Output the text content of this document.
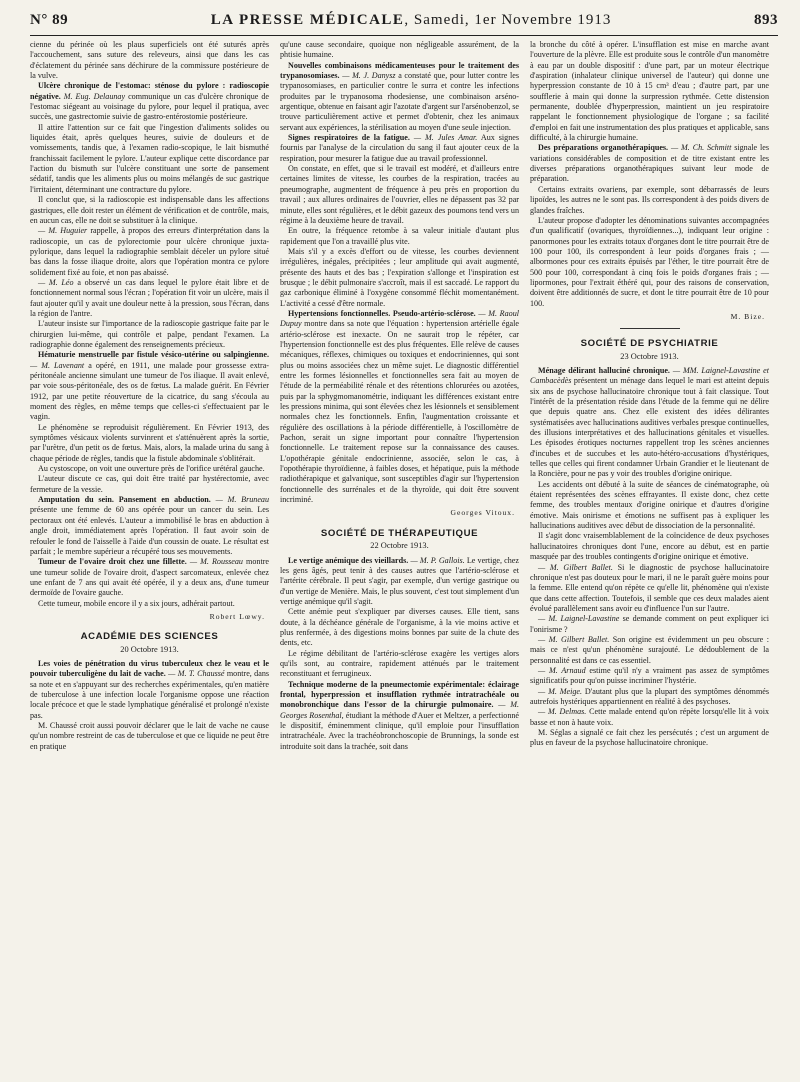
N° 89	LA PRESSE MÉDICALE, Samedi, 1er Novembre 1913	893

cienne du périnée où les plaus superficiels ont été suturés après l'accouchement, sans suture des releveurs, ainsi que dans les cas d'éclatement du périnée sans déchirure de la commissure postérieure de la vulve.

Ulcère chronique de l'estomac: sténose du pylore : radioscopie négative. M. Eug. Delaunay communique un cas d'ulcère chronique de l'estomac siégeant au voisinage du pylore, pour lequel il pratiqua, avec succès, une gastrectomie suivie de gastro-entérostomie postérieure.

Il attire l'attention sur ce fait que l'ingestion d'aliments solides ou liquides était, après quelques heures, suivie de douleurs et de vomissements, tandis que, à l'examen radio-scopique, le lait bismuthé franchissait facilement le pylore. L'auteur explique cette discordance par l'action du bismuth sur l'ulcère constituant une sorte de pansement sédatif, tandis que les aliments plus ou moins mélangés de suc gastrique l'irritaient, déterminant une contracture du pylore.

Il conclut que, si la radioscopie est indispensable dans les affections gastriques, elle doit rester un élément de vérification et de contrôle, mais, en aucun cas, elle ne doit se substituer à la clinique.

— M. Huguier rappelle, à propos des erreurs d'interprétation dans la radioscopie, un cas de pylorectomie pour ulcère chronique juxta-pylorique, dans lequel la radiographie semblait déceler un pylore situé bas dans la fosse iliaque droite, alors que l'opération montra ce pylore solidement fixé au foie, et non pas abaissé.

— M. Léo a observé un cas dans lequel le pylore était libre et de fonctionnement normal sous l'écran ; l'opération fit voir un ulcère, mais il faut ajouter qu'il y avait une douleur nette à la pression, sous l'écran, dans la région de l'antre.

L'auteur insiste sur l'importance de la radioscopie gastrique faite par le chirurgien lui-même, qui contrôle et palpe, pendant l'examen. La radiographie donne également des renseignements précieux.

Hématurie menstruelle par fistule vésico-utérine ou salpingienne. — M. Lavenant a opéré, en 1911, une malade pour grossesse extra-péritonéale ancienne simulant une tumeur de l'os iliaque. Il avait enlevé, par voie sous-péritonéale, des os de fœtus. La malade guérit. En Février 1912, par une petite réouverture de la cicatrice, du sang s'écoula au moment des règles, en même temps que celles-ci s'effectuaient par le vagin.

Le phénomène se reproduisit régulièrement. En Février 1913, des symptômes vésicaux violents survinrent et s'atténuèrent après la sortie, par l'urètre, d'un petit os de fœtus. Mais, alors, la malade urina du sang à chaque période de règles, tandis que la fistule abdominale s'oblitérait.

Au cystoscope, on voit une ouverture près de l'orifice urétéral gauche.

L'auteur discute ce cas, qui doit être traité par hystérectomie, avec fermeture de la vessie.

Amputation du sein. Pansement en abduction. — M. Bruneau présente une femme de 60 ans opérée pour un cancer du sein. Les pectoraux ont été enlevés. L'auteur a immobilisé le bras en abduction à angle droit, immédiatement après l'opération. Il faut avoir soin de refouler le fond de l'aisselle à l'aide d'un coussin de ouate. Le résultat est parfait ; le membre supérieur a récupéré tous ses mouvements.

Tumeur de l'ovaire droit chez une fillette. — M. Rousseau montre une tumeur solide de l'ovaire droit, d'aspect sarcomateux, enlevée chez une enfant de 7 ans qui avait été opérée, il y a deux ans, d'une tumeur dermoïde de l'ovaire gauche.

Cette tumeur, mobile encore il y a six jours, adhérait partout.

Robert Lœwy.
ACADÉMIE DES SCIENCES
20 Octobre 1913.

Les voies de pénétration du virus tuberculeux chez le veau et le pouvoir tuberculigène du lait de vache. — M. T. Chaussé montre, dans sa note et en s'appuyant sur des recherches expérimentales, qu'en matière de tuberculose à une infection locale l'organisme oppose une réaction locale précoce et que le stade lymphatique généralisé et prolongé n'existe pas.

M. Chaussé croit aussi pouvoir déclarer que le lait de vache ne cause qu'un nombre restreint de cas de tuberculose et que ce liquide ne peut être en pratique

qu'une cause secondaire, quoique non négligeable assurément, de la phtisie humaine.

Nouvelles combinaisons médicamenteuses pour le traitement des trypanosomiases. — M. J. Danysz a constaté que, pour lutter contre les trypanosomiases, en particulier contre le surra et contre les infections produites par le trypanosoma rhodesiense, une combinaison arséno-argentique, obtenue en faisant agir l'azotate d'argent sur l'arsénobenzol, se trouve particulièrement active et permet d'obtenir, chez les animaux servant aux expériences, la stérilisation au moyen d'une seule injection.

Signes respiratoires de la fatigue. — M. Jules Amar. Aux signes fournis par l'analyse de la circulation du sang il faut ajouter ceux de la respiration, pour mesurer la fatigue due au travail professionnel.

On constate, en effet, que si le travail est modéré, et d'ailleurs entre certaines limites de vitesse, les courbes de la respiration, tracées au pneumographe, augmentent de fréquence à peu près en proportion du travail ; aux allures ordinaires de l'ouvrier, elles ne dépassent pas 32 par minute, elles sont régulières, et le débit gazeux des poumons tend vers un régime à la deuxième heure de travail.

En outre, la fréquence retombe à sa valeur initiale d'autant plus rapidement que l'on a travaillé plus vite.

Mais s'il y a excès d'effort ou de vitesse, les courbes deviennent irrégulières, inégales, précipitées ; leur amplitude qui avait augmenté, présente des hauts et des bas ; l'expiration s'allonge et l'inspiration est brusque ; le débit pulmonaire s'accroît, mais il est saccadé. Le rapport du gaz carbonique éliminé à l'oxygène consommé fléchit momentanément. L'activité a cessé d'être normale.

Hypertensions fonctionnelles. Pseudo-artério-sclérose. — M. Raoul Dupuy montre dans sa note que l'équation : hypertension artérielle égale artério-sclérose est inexacte. On ne saurait trop le répéter, car l'hypertension fonctionnelle est des plus fréquentes. Elle relève de causes mécaniques, réflexes, chimiques ou toxiques et endocriniennes, qui sont plus ou moins associées chez un même sujet. Le diagnostic différentiel entre les formes lésionnelles et fonctionnelles sera fait au moyen de l'étude de la perméabilité rénale et des rétentions chlorurées ou azotées, puis par la sphygmomanométrie, indiquant les différences existant entre les pressions minima, qui sont élevées chez les lésionnels et sensiblement normales chez les fonctionnels. Enfin, l'augmentation croissante et régulière des oscillations à la période différentielle, à l'oscillomètre de Pachon, serait un signe important pour connaître l'hypertension fonctionnelle. Le traitement repose sur la connaissance des causes. L'opothérapie génitale endocrinienne, associée, selon le cas, à l'opothérapie thyroïdienne, à faibles doses, et hépatique, puis la méthode radiothérapique et galvanique, sont susceptibles d'agir sur l'hypertension fonctionnelle des surrénales et de la thyroïde, qui doit être souvent incriminé.

Georges Vitoux.
SOCIÉTÉ DE THÉRAPEUTIQUE
22 Octobre 1913.

Le vertige anémique des vieillards. — M. P. Gallois. Le vertige, chez les gens âgés, peut tenir à des causes autres que l'artério-sclérose et l'artérite cérébrale. Il peut s'agir, par exemple, d'un vertige gastrique ou d'un vertige de Menière. Mais, le plus souvent, c'est tout simplement d'un vertige anémique qu'il s'agit.

Cette anémie peut s'expliquer par diverses causes. Elle tient, sans doute, à la déchéance générale de l'organisme, à la vie moins active et plus renfermée, à des digestions moins bonnes par suite de la chute des dents, etc.

Le régime débilitant de l'artério-sclérose exagère les vertiges alors qu'ils sont, au contraire, rapidement atténués par le traitement reconstituant et ferrugineux.

Technique moderne de la pneumectomie expérimentale: éclairage frontal, hyperpression et insufflation rythmée intratrachéale ou monobronchique dans l'essor de la chirurgie pulmonaire. — M. Georges Rosenthal, étudiant la méthode d'Auer et Meltzer, a perfectionné le dispositif, éminemment clinique, qu'il emploie pour l'insufflation intratrachéale. Avec la trachéobronchoscopie de Brunnings, la sonde est introduite soit dans la trachée, soit dans

la bronche du côté à opérer. L'insufflation est mise en marche avant l'ouverture de la plèvre. Elle est produite sous le contrôle d'un manomètre à eau par un double dispositif : d'une part, par un moteur électrique d'aspiration (inhalateur clinique universel de l'auteur) qui donne une hyperpression constante de 10 à 15 cm³ d'eau ; d'autre part, par une soufflerie à main qui donne la surpression rythmée. Cette distension permanente, doublée d'hyperpression, maintient un jeu respiratoire rappelant le fonctionnement physiologique de l'organe ; sa facilité d'emploi en fait une instrumentation des plus pratiques et applicable, sans difficulté, à la chirurgie humaine.

Des préparations organothérapiques. — M. Ch. Schmitt signale les variations considérables de composition et de titre existant entre les diverses préparations organothérapiques suivant leur mode de préparation.

Certains extraits ovariens, par exemple, sont débarrassés de leurs lipoïdes, les autres ne le sont pas. Ils correspondent à des poids divers de glandes fraîches.

L'auteur propose d'adopter les dénominations suivantes accompagnées d'un qualificatif (ovariques, thyroïdiennes...), indiquant leur origine : panormones pour les extraits totaux d'organes dont le titre pourrait être de 100 pour 100, ils correspondent à leur poids d'organes frais ; — albormones pour ces extraits épuisés par l'éther, le titre pourrait être de 500 pour 100, correspondant à cinq fois le poids d'organes frais ; — lipormones, pour l'extrait éthéré qui, pour des raisons de conservation, doivent être additionnés de sucre, et dont le titre pourrait être de 10 pour 100.

M. Bize.
SOCIÉTÉ DE PSYCHIATRIE
23 Octobre 1913.

Ménage délirant halluciné chronique. — MM. Laignel-Lavastine et Cambacèdès présentent un ménage dans lequel le mari est atteint depuis six ans de psychose hallucinatoire chronique tout à fait classique. Tout l'intérêt de la présentation réside dans l'étude de la femme qui ne délire que depuis quatre ans. Chez elle existent des idées délirantes systématisées avec hallucinations auditives verbales presque continuelles, des illusions interprétatives et des hallucinations génitales et visuelles. Les épisodes érotiques nocturnes rappellent trop les scènes anciennes d'incubes et de succubes et les auto-hétéro-accusations d'hystériques, telles que celles qui firent condamner Urbain Grandier et le lieutenant de la Roncière, pour ne pas y voir des troubles d'origine onirique.

Les accidents ont débuté à la suite de séances de cinématographe, où étaient représentées des scènes effrayantes. Il existe donc, chez cette femme, des troubles mentaux d'origine onirique et d'autres d'origine émotive. Mais onirisme et émotions ne suffisent pas à expliquer les hallucinations auditives avec début de dissociation de la personnalité.

Il s'agit donc vraisemblablement de la coïncidence de deux psychoses hallucinatoires chroniques dont l'une, encore au début, est en partie masquée par des troubles contingents d'origine onirique et émotive.

— M. Gilbert Ballet. Si le diagnostic de psychose hallucinatoire chronique n'est pas douteux pour le mari, il ne le paraît guère moins pour la femme. Elle entend qu'on répète ce qu'elle lit, phénomène qui n'existe que dans cette affection. Toutefois, il semble que ces deux malades aient évolué parallèlement sans avoir eu d'influence l'un sur l'autre.

— M. Laignel-Lavastine se demande comment on peut expliquer ici l'onirisme ?

— M. Gilbert Ballet. Son origine est évidemment un peu obscure : mais ce n'est qu'un phénomène surajouté. Le dédoublement de la personnalité est dans ce cas essentiel.

— M. Arnaud estime qu'il n'y a vraiment pas assez de symptômes significatifs pour qu'on puisse incriminer l'hystérie.

— M. Meige. D'autant plus que la plupart des symptômes dénommés autrefois hystériques appartiennent en réalité à des psychoses.

— M. Delmas. Cette malade entend qu'on répète lorsqu'elle lit à voix basse et non à haute voix.

M. Séglas a signalé ce fait chez les persécutés ; c'est un argument de plus en faveur de la psychose hallucinatoire chronique.
